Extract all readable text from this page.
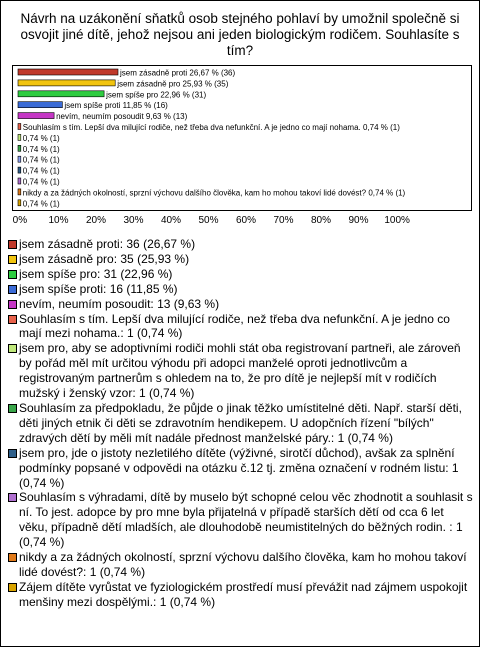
Návrh na uzákonění sňatků osob stejného pohlaví by umožnil společně si osvojit jiné dítě, jehož nejsou ani jeden biologickým rodičem. Souhlasíte s tím?
jsem zásadně proti 26,67 % (36)
jsem zásadně pro 25,93 % (35)
jsem spíše pro 22,96 % (31)
jsem spíše proti 11,85 % (16)
nevím, neumím posoudit 9,63 % (13)
Souhlasím s tím. Lepší dva milující rodiče, než třeba dva nefunkční. A je jedno co mají nohama. 0,74 % (1)
0,74 % (1)
0,74 % (1)
0,74 % (1)
0,74 % (1)
0,74 % (1)
nikdy a za žádných okolností, sprzní výchovu dalšího člověka, kam ho mohou takoví lidé dovést? 0,74 % (1)
0,74 % (1)
0% 10% 20% 30% 40% 50% 60% 70% 80% 90% 100%
jsem zásadně proti: 36 (26,67 %)
jsem zásadně pro: 35 (25,93 %)
jsem spíše pro: 31 (22,96 %)
jsem spíše proti: 16 (11,85 %)
nevím, neumím posoudit: 13 (9,63 %)
Souhlasím s tím. Lepší dva milující rodiče, než třeba dva nefunkční. A je jedno co mají mezi nohama.: 1 (0,74 %)
jsem pro, aby se adoptivními rodiči mohli stát oba registrovaní partneři, ale zároveň by pořád měl mít určitou výhodu při adopci manželé oproti jednotlivcům a registrovaným partnerům s ohledem na to, že pro dítě je nejlepší mít v rodičích mužský i ženský vzor: 1 (0,74 %)
Souhlasím za předpokladu, že půjde o jinak těžko umístitelné děti. Např. starší děti, děti jiných etnik či děti se zdravotním hendikepem. U adopčních řízení "bílých" zdravých dětí by měli mít nadále přednost manželské páry.: 1 (0,74 %)
jsem pro, jde o jistoty nezletilého dítěte (výživné, sirotčí důchod), avšak za splnění podmínky popsané v odpovědi na otázku č.12 tj. změna označení v rodném listu: 1 (0,74 %)
Souhlasím s výhradami, dítě by muselo být schopné celou věc zhodnotit a souhlasit s ní. To jest. adopce by pro mne byla přijatelná v případě starších dětí od cca 6 let věku, případně dětí mladších, ale dlouhodobě neumistitelných do běžných rodin. : 1 (0,74 %)
nikdy a za žádných okolností, sprzní výchovu dalšího člověka, kam ho mohou takoví lidé dovést?: 1 (0,74 %)
Zájem dítěte vyrůstat ve fyziologickém prostředí musí převážit nad zájmem uspokojit menšiny mezi dospělými.: 1 (0,74 %)
